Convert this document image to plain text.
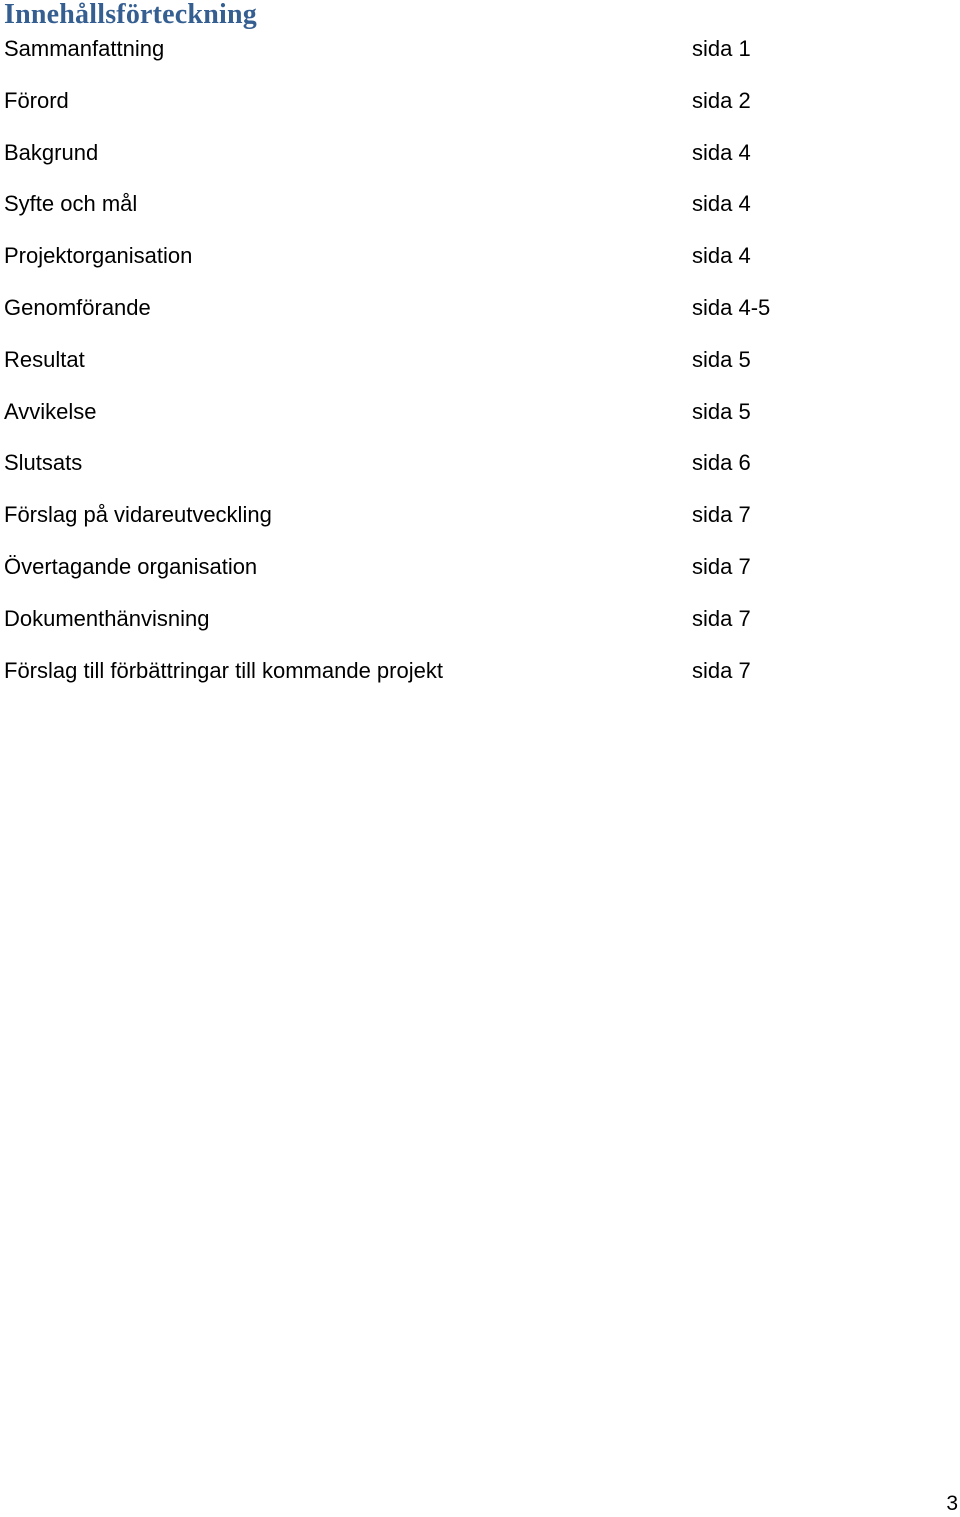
Innehållsförteckning
Sammanfattning	sida 1
Förord	sida 2
Bakgrund	sida 4
Syfte och mål	sida 4
Projektorganisation	sida 4
Genomförande	sida 4-5
Resultat	sida 5
Avvikelse	sida 5
Slutsats	sida 6
Förslag på vidareutveckling	sida 7
Övertagande organisation	sida 7
Dokumenthänvisning	sida 7
Förslag till förbättringar till kommande projekt	sida 7
3
